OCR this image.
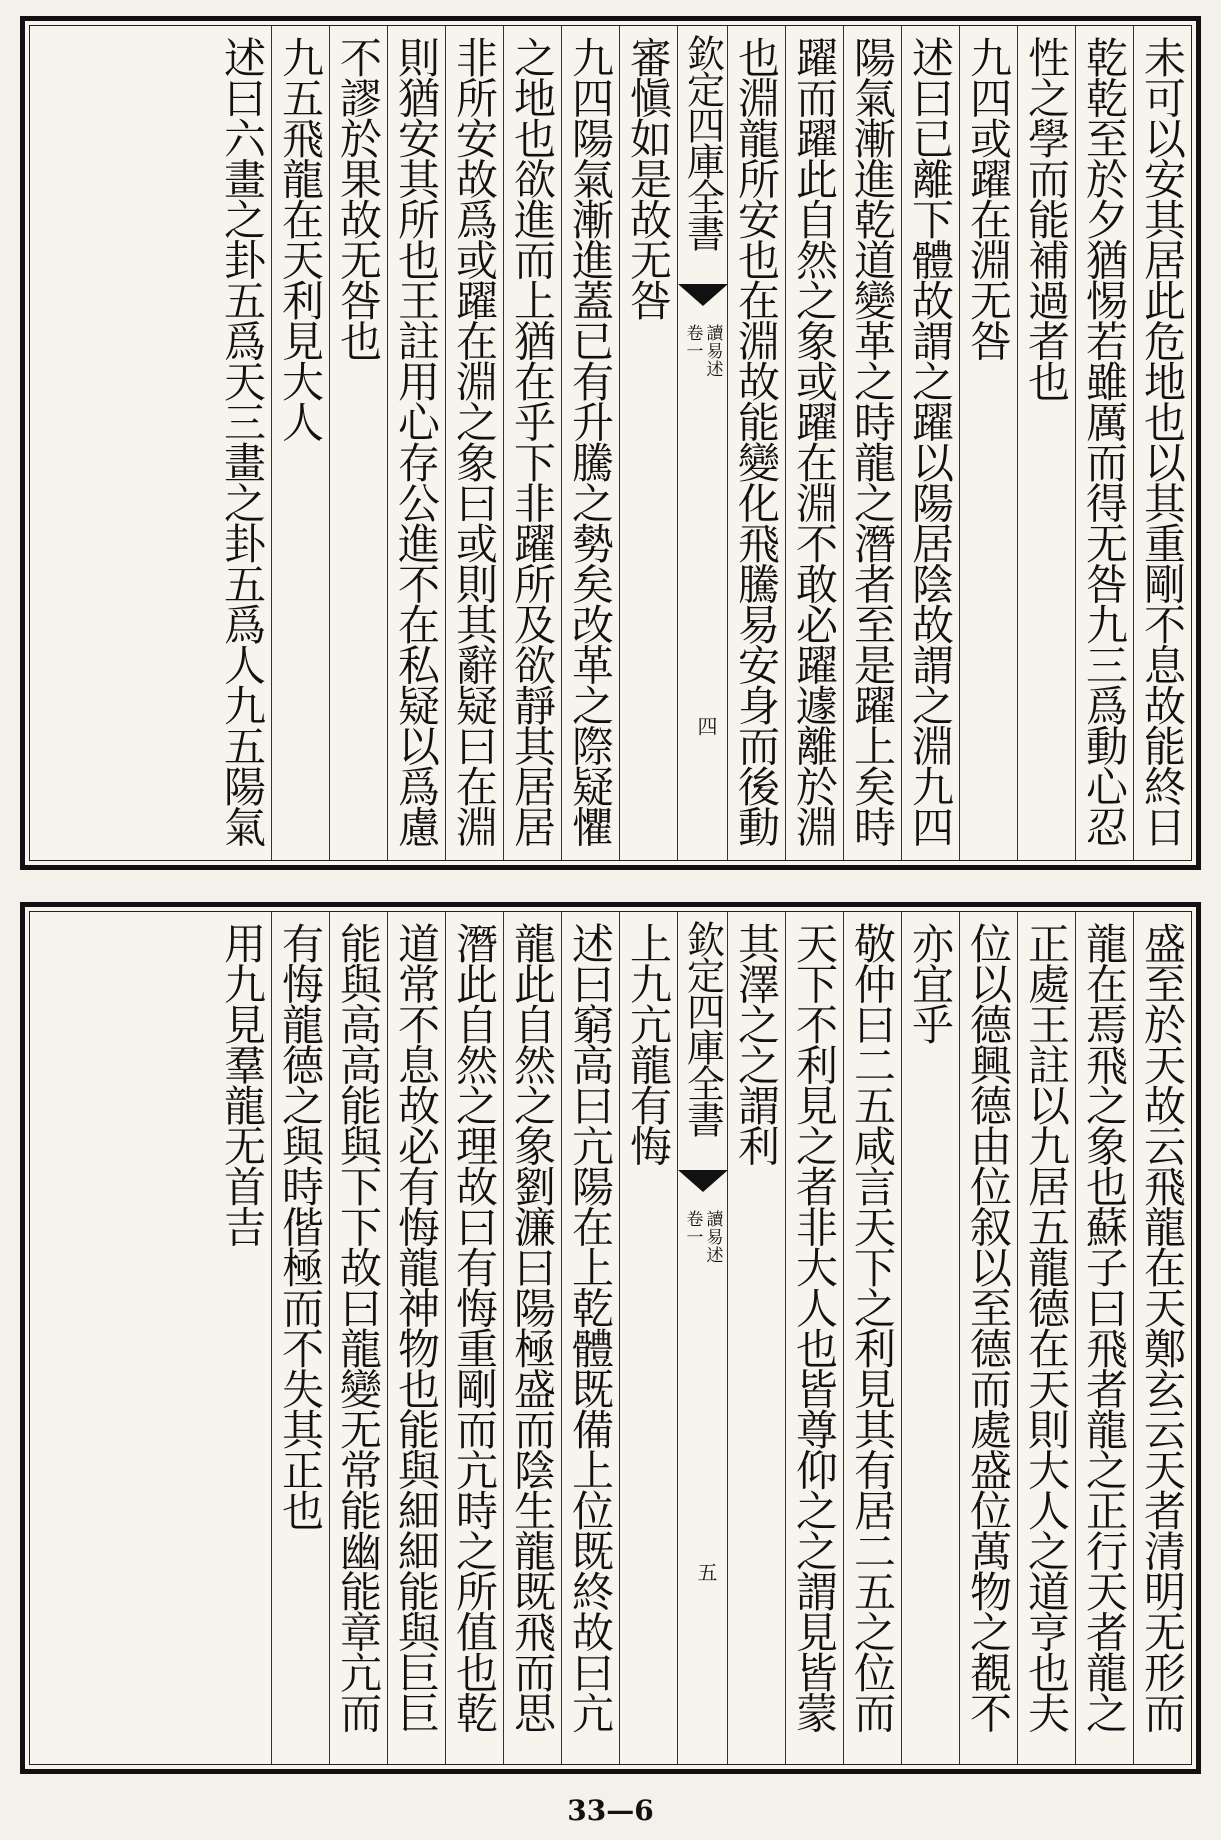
未可以安其居此危地也以其重剛不息故能終日
乾乾至於夕猶惕若雖厲而得无咎九三爲動心忍
性之學而能補過者也
九四或躍在淵无咎
述曰已離下體故謂之躍以陽居陰故謂之淵九四
陽氣漸進乾道變革之時龍之潛者至是躍上矣時
躍而躍此自然之象或躍在淵不敢必躍遽離於淵
也淵龍所安也在淵故能變化飛騰易安身而後動
欽定四庫全書
讀易述
卷一
四
審愼如是故无咎
九四陽氣漸進蓋已有升騰之勢矣改革之際疑懼
之地也欲進而上猶在乎下非躍所及欲靜其居居
非所安故爲或躍在淵之象曰或則其辭疑曰在淵
則猶安其所也王註用心存公進不在私疑以爲慮
不謬於果故无咎也
九五飛龍在天利見大人
述曰六畫之卦五爲天三畫之卦五爲人九五陽氣
盛至於天故云飛龍在天鄭玄云天者清明无形而
龍在焉飛之象也蘇子曰飛者龍之正行天者龍之
正處王註以九居五龍德在天則大人之道亨也夫
位以德興德由位叙以至德而處盛位萬物之覩不
亦宜乎
敬仲曰二五咸言天下之利見其有居二五之位而
天下不利見之者非大人也皆尊仰之之謂見皆蒙
其澤之之謂利
欽定四庫全書
讀易述
卷一
五
上九亢龍有悔
述曰窮高曰亢陽在上乾體既備上位既終故曰亢
龍此自然之象劉濂曰陽極盛而陰生龍既飛而思
潛此自然之理故曰有悔重剛而亢時之所值也乾
道常不息故必有悔龍神物也能與細細能與巨巨
能與高高能與下下故曰龍變无常能幽能章亢而
有悔龍德之與時偕極而不失其正也
用九見羣龍无首吉
33—6
